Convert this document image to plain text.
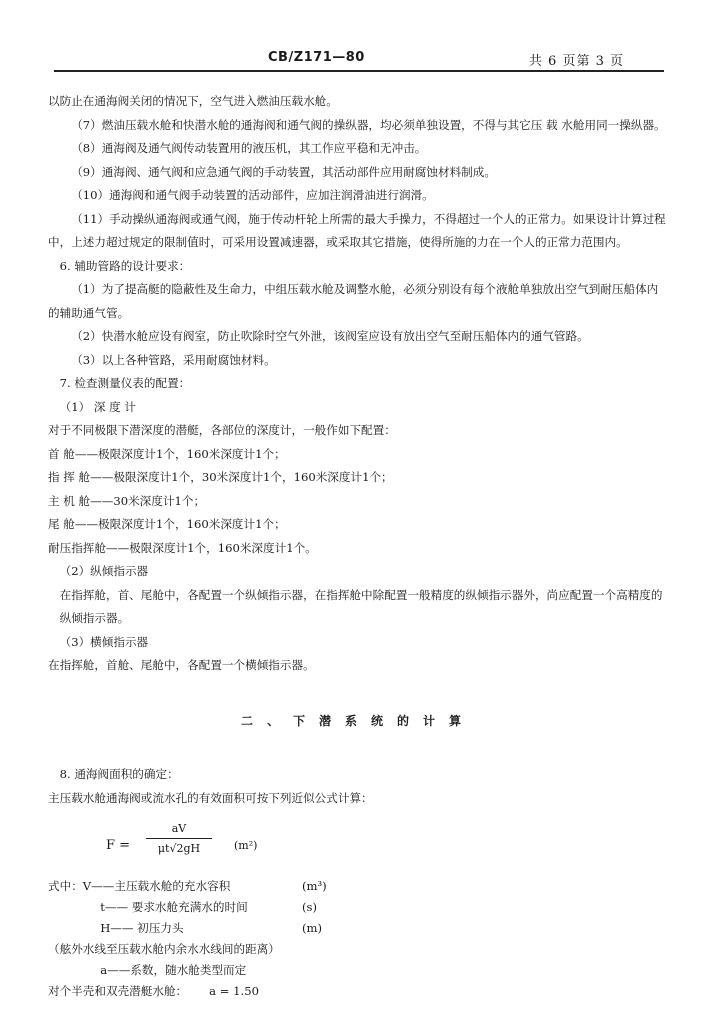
CB/Z171—80	共 6 页第 3 页

以防止在通海阀关闭的情况下，空气进入燃油压载水舱。

（7）燃油压载水舱和快潜水舱的通海阀和通气阀的操纵器，均必须单独设置，不得与其它压 载 水舱用同一操纵器。

（8）通海阀及通气阀传动装置用的液压机，其工作应平稳和无冲击。

（9）通海阀、通气阀和应急通气阀的手动装置，其活动部件应用耐腐蚀材料制成。

（10）通海阀和通气阀手动装置的活动部件，应加注润滑油进行润滑。

（11）手动操纵通海阀或通气阀，施于传动杆轮上所需的最大手操力，不得超过一个人的正常力。如果设计计算过程中，上述力超过规定的限制值时，可采用设置减速器，或采取其它措施，使得所施的力在一个人的正常力范围内。

6. 辅助管路的设计要求：

（1）为了提高艇的隐蔽性及生命力，中组压载水舱及调整水舱，必须分别设有每个液舱单独放出空气到耐压船体内的辅助通气管。

（2）快潜水舱应设有阀室，防止吹除时空气外泄，该阀室应设有放出空气至耐压船体内的通气管路。

（3）以上各种管路，采用耐腐蚀材料。

7. 检查测量仪表的配置：

（1） 深 度 计

对于不同极限下潜深度的潜艇，各部位的深度计，一般作如下配置：

首 舱——极限深度计1个，160米深度计1个；

指 挥 舱——极限深度计1个，30米深度计1个，160米深度计1个；

主 机 舱——30米深度计1个；

尾 舱——极限深度计1个，160米深度计1个；

耐压指挥舱——极限深度计1个，160米深度计1个。

（2）纵倾指示器

在指挥舱，首、尾舱中，各配置一个纵倾指示器，在指挥舱中除配置一般精度的纵倾指示器外，尚应配置一个高精度的纵倾指示器。

（3）横倾指示器

在指挥舱，首舱、尾舱中，各配置一个横倾指示器。

二、下潜系统的计算

8. 通海阀面积的确定：

主压载水舱通海阀或流水孔的有效面积可按下列近似公式计算：

$F = \frac{aV}{\mu t√2gH} (m^2)$

式中：V——主压载水舱的充水容积	(m³)

t—— 要求水舱充满水的时间	(s)

H—— 初压力头	(m)

（舷外水线至压载水舱内余水水线间的距离）

a——系数，随水舱类型而定

对个半壳和双壳潜艇水舱： a = 1.50
